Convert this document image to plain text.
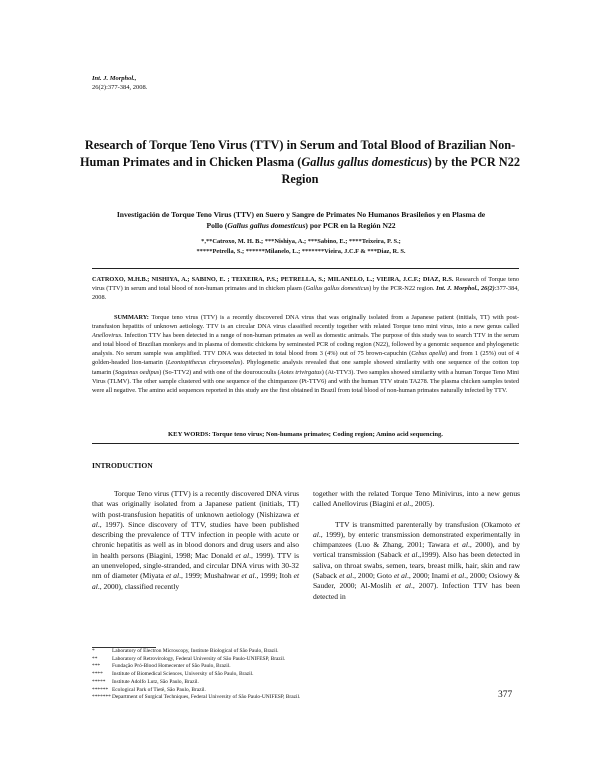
Int. J. Morphol.,
26(2):377-384, 2008.
Research of Torque Teno Virus (TTV) in Serum and Total Blood of Brazilian Non-Human Primates and in Chicken Plasma (Gallus gallus domesticus) by the PCR N22 Region
Investigación de Torque Teno Virus (TTV) en Suero y Sangre de Primates No Humanos Brasileños y en Plasma de Pollo (Gallus gallus domesticus) por PCR en la Región N22
*,**Catroxo, M. H. B.; ***Nishiya, A.; ***Sabino, E.; ****Teixeira, P. S.;
*****Petrella, S.; ******Milanelo, L.; *******Vieira, J.C.F & ***Diaz, R. S.
CATROXO, M.H.B.; NISHIYA, A.; SABINO, E. ; TEIXEIRA, P.S.; PETRELLA, S.; MILANELO, L.; VIEIRA, J.C.F.; DIAZ, R.S. Research of Torque teno virus (TTV) in serum and total blood of non-human primates and in chicken plasm (Gallus gallus domesticus) by the PCR-N22 region. Int. J. Morphol., 26(2):377-384, 2008.
SUMMARY: Torque teno virus (TTV) is a recently discovered DNA virus that was originally isolated from a Japanese patient (initials, TT) with post-transfusion hepatitis of unknown aetiology. TTV is an circular DNA virus classified recently together with related Torque teno mini virus, into a new genus called Anellovirus. Infection TTV has been detected in a range of non-human primates as well as domestic animals. The purpose of this study was to search TTV in the serum and total blood of Brazilian monkeys and in plasma of domestic chickens by seminested PCR of coding region (N22), followed by a genomic sequence and phylogenetic analysis. No serum sample was amplified. TTV DNA was detected in total blood from 3 (4%) out of 75 brown-capuchin (Cebus apella) and from 1 (25%) out of 4 golden-headed lion-tamarin (Leontopithecus chrysomelas). Phylogenetic analysis revealed that one sample showed similarity with one sequence of the cotton top tamarin (Saguinus oedipus) (So-TTV2) and with one of the douroucoulis (Aotes trivirgatus) (At-TTV3). Two samples showed similarity with a human Torque Teno Mini Virus (TLMV). The other sample clustered with one sequence of the chimpanzee (Pt-TTV6) and with the human TTV strain TA278. The plasma chicken samples tested were all negative. The amino acid sequences reported in this study are the first obtained in Brazil from total blood of non-human primates naturally infected by TTV.
KEY WORDS: Torque teno virus; Non-humans primates; Coding region; Amino acid sequencing.
INTRODUCTION

Torque Teno virus (TTV) is a recently discovered DNA virus that was originally isolated from a Japanese patient (initials, TT) with post-transfusion hepatitis of unknown aetiology (Nishizawa et al., 1997). Since discovery of TTV, studies have been published describing the prevalence of TTV infection in people with acute or chronic hepatitis as well as in blood donors and drug users and also in health persons (Biagini, 1998; Mac Donald et al., 1999). TTV is an unenveloped, single-stranded, and circular DNA virus with 30-32 nm of diameter (Miyata et al., 1999; Mushahwar et al., 1999; Itoh et al., 2000), classified recently

together with the related Torque Teno Minivirus, into a new genus called Anellovirus (Biagini et al., 2005).

TTV is transmitted parenterally by transfusion (Okamoto et al., 1999), by enteric transmission demonstrated experimentally in chimpanzees (Luo & Zhang, 2001; Tawara et al., 2000), and by vertical transmission (Saback et al.,1999). Also has been detected in saliva, on throat swabs, semen, tears, breast milk, hair, skin and raw (Saback et al., 2000; Goto et al., 2000; Inami et al., 2000; Osiowy & Sauder, 2000; Al-Moslih et al., 2007). Infection TTV has been detected in

*	Laboratory of Electron Microscopy, Institute Biological of São Paulo, Brazil.
**	Laboratory of Retrovirology, Federal University of São Paulo-UNIFESP, Brazil.
*** Fundação Pró-Blood Homecenter of São Paulo, Brazil.
**** Institute of Biomedical Sciences, University of São Paulo, Brazil.
***** Institute Adolfo Lutz, São Paulo, Brazil.
****** Ecological Park of Tietê, São Paulo, Brazil.
*******Department of Surgical Techniques, Federal University of São Paulo-UNIFESP, Brazil.	377
